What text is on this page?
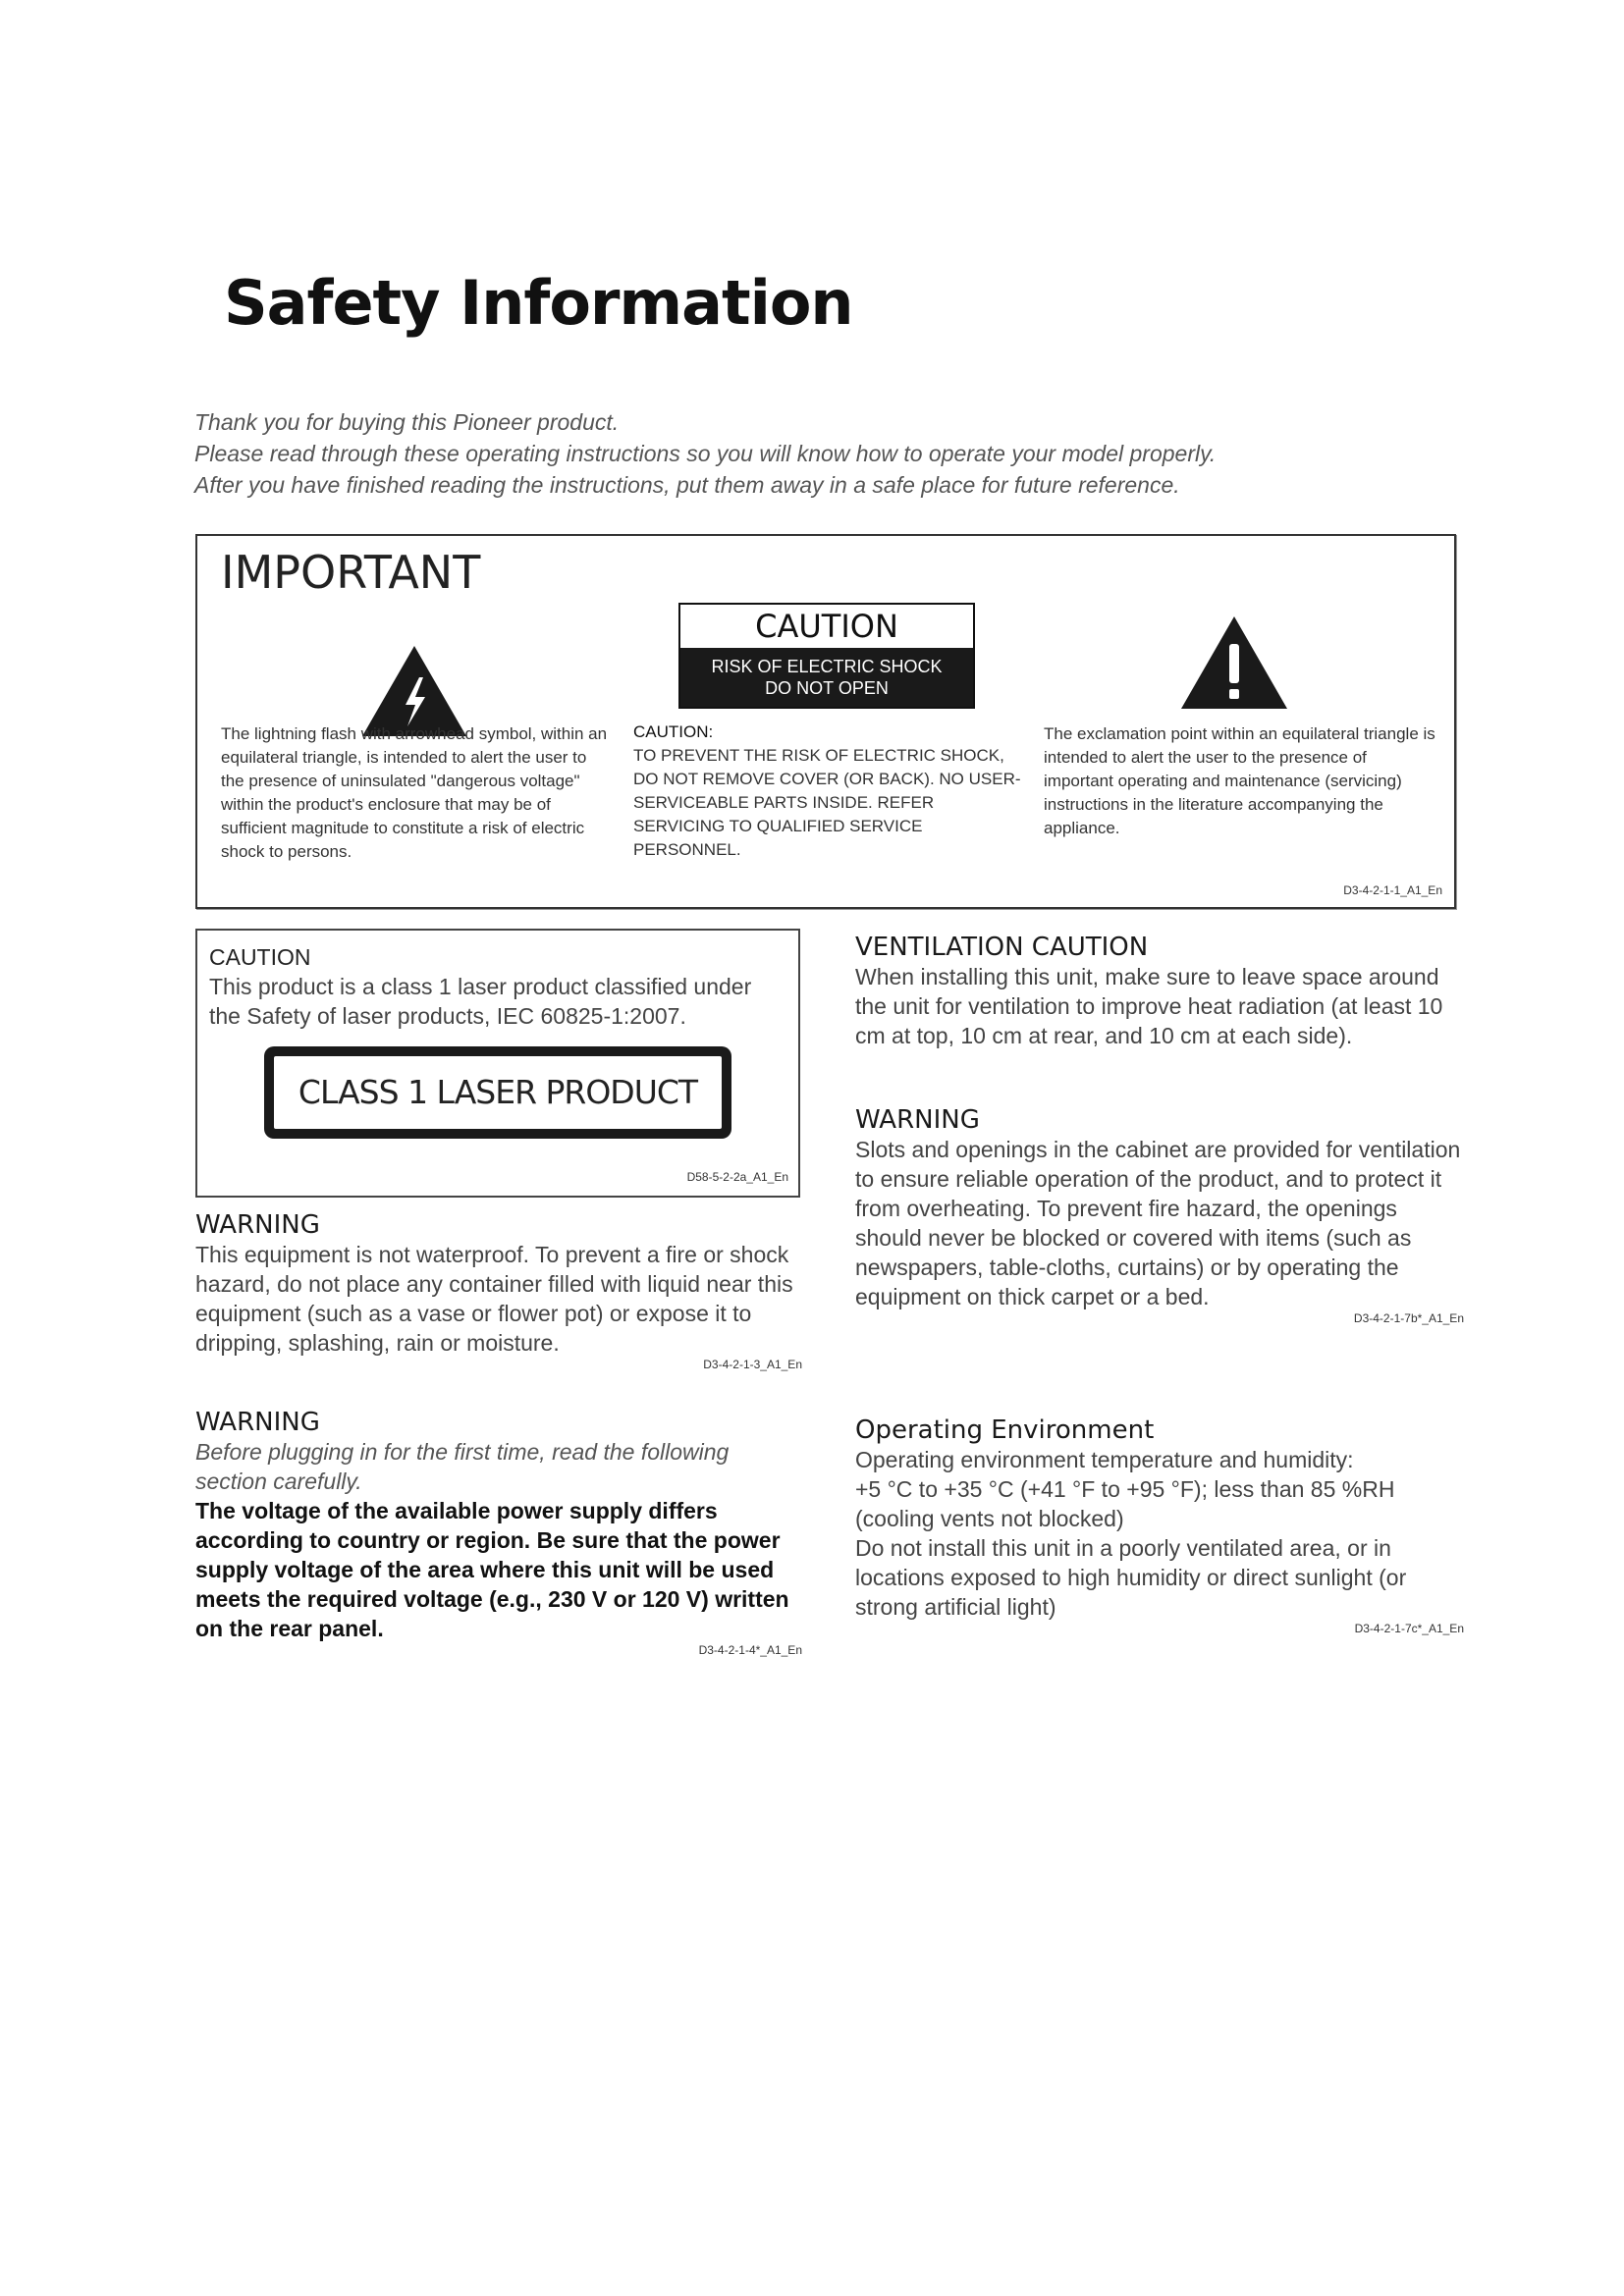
Safety Information
Thank you for buying this Pioneer product.
Please read through these operating instructions so you will know how to operate your model properly.
After you have finished reading the instructions, put them away in a safe place for future reference.
IMPORTANT
CAUTION
RISK OF ELECTRIC SHOCK
DO NOT OPEN
The lightning flash with arrowhead symbol, within an equilateral triangle, is intended to alert the user to the presence of uninsulated "dangerous voltage" within the product's enclosure that may be of sufficient magnitude to constitute a risk of electric shock to persons.
CAUTION:
TO PREVENT THE RISK OF ELECTRIC SHOCK, DO NOT REMOVE COVER (OR BACK). NO USER-SERVICEABLE PARTS INSIDE. REFER SERVICING TO QUALIFIED SERVICE PERSONNEL.
The exclamation point within an equilateral triangle is intended to alert the user to the presence of important operating and maintenance (servicing) instructions in the literature accompanying the appliance.
D3-4-2-1-1_A1_En
CAUTION
This product is a class 1 laser product classified under the Safety of laser products, IEC 60825-1:2007.
CLASS 1 LASER PRODUCT
D58-5-2-2a_A1_En
WARNING
This equipment is not waterproof. To prevent a fire or shock hazard, do not place any container filled with liquid near this equipment (such as a vase or flower pot) or expose it to dripping, splashing, rain or moisture.
D3-4-2-1-3_A1_En
WARNING
Before plugging in for the first time, read the following section carefully.
The voltage of the available power supply differs according to country or region. Be sure that the power supply voltage of the area where this unit will be used meets the required voltage (e.g., 230 V or 120 V) written on the rear panel.
D3-4-2-1-4*_A1_En
VENTILATION CAUTION
When installing this unit, make sure to leave space around the unit for ventilation to improve heat radiation (at least 10 cm at top, 10 cm at rear, and 10 cm at each side).
WARNING
Slots and openings in the cabinet are provided for ventilation to ensure reliable operation of the product, and to protect it from overheating. To prevent fire hazard, the openings should never be blocked or covered with items (such as newspapers, table-cloths, curtains) or by operating the equipment on thick carpet or a bed.
D3-4-2-1-7b*_A1_En
Operating Environment
Operating environment temperature and humidity:
+5 °C to +35 °C (+41 °F to +95 °F); less than 85 %RH
(cooling vents not blocked)
Do not install this unit in a poorly ventilated area, or in locations exposed to high humidity or direct sunlight (or strong artificial light)
D3-4-2-1-7c*_A1_En
